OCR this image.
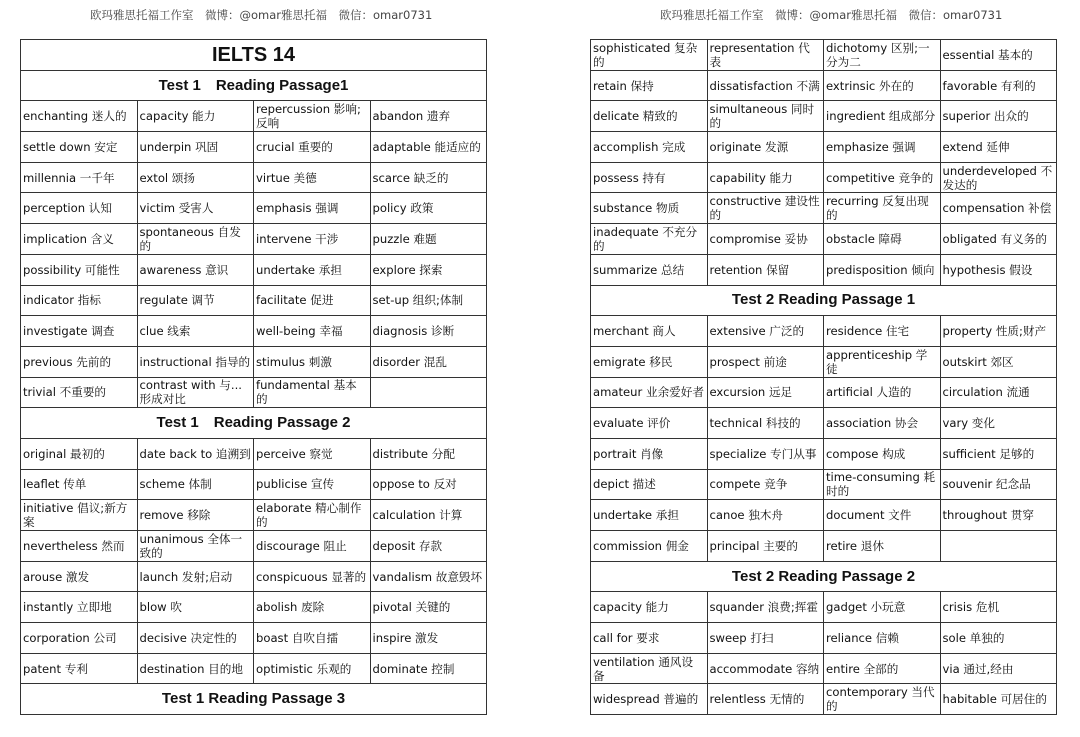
欧玛雅思托福工作室　微博：@omar雅思托福　微信：omar0731	欧玛雅思托福工作室　微博：@omar雅思托福　微信：omar0731
IELTS 14			
Test 1　Reading Passage1			
enchanting 迷人的	capacity 能力	repercussion 影响;反响	abandon 遗弃
settle down 安定	underpin 巩固	crucial 重要的	adaptable 能适应的
millennia 一千年	extol 颂扬	virtue 美德	scarce 缺乏的
perception 认知	victim 受害人	emphasis 强调	policy 政策
implication 含义	spontaneous 自发的	intervene 干涉	puzzle 难题
possibility 可能性	awareness 意识	undertake 承担	explore 探索
indicator 指标	regulate 调节	facilitate 促进	set-up 组织;体制
investigate 调查	clue 线索	well-being 幸福	diagnosis 诊断
previous 先前的	instructional 指导的	stimulus 刺激	disorder 混乱
trivial 不重要的	contrast with 与...形成对比	fundamental 基本的	
Test 1　Reading Passage 2			
original 最初的	date back to 追溯到	perceive 察觉	distribute 分配
leaflet 传单	scheme 体制	publicise 宣传	oppose to 反对
initiative 倡议;新方案	remove 移除	elaborate 精心制作的	calculation 计算
nevertheless 然而	unanimous 全体一致的	discourage 阻止	deposit 存款
arouse 激发	launch 发射;启动	conspicuous 显著的	vandalism 故意毁坏
instantly 立即地	blow 吹	abolish 废除	pivotal 关键的
corporation 公司	decisive 决定性的	boast 自吹自擂	inspire 激发
patent 专利	destination 目的地	optimistic 乐观的	dominate 控制
Test 1 Reading Passage 3			
sophisticated 复杂的	representation 代表	dichotomy 区别;一分为二	essential 基本的
retain 保持	dissatisfaction 不满	extrinsic 外在的	favorable 有利的
delicate 精致的	simultaneous 同时的	ingredient 组成部分	superior 出众的
accomplish 完成	originate 发源	emphasize 强调	extend 延伸
possess 持有	capability 能力	competitive 竞争的	underdeveloped 不发达的
substance 物质	constructive 建设性的	recurring 反复出现的	compensation 补偿
inadequate 不充分的	compromise 妥协	obstacle 障碍	obligated 有义务的
summarize 总结	retention 保留	predisposition 倾向	hypothesis 假设
Test 2 Reading Passage 1			
merchant 商人	extensive 广泛的	residence 住宅	property 性质;财产
emigrate 移民	prospect 前途	apprenticeship 学徒	outskirt 郊区
amateur 业余爱好者	excursion 远足	artificial 人造的	circulation 流通
evaluate 评价	technical 科技的	association 协会	vary 变化
portrait 肖像	specialize 专门从事	compose 构成	sufficient 足够的
depict 描述	compete 竞争	time-consuming 耗时的	souvenir 纪念品
undertake 承担	canoe 独木舟	document 文件	throughout 贯穿
commission 佣金	principal 主要的	retire 退休	
Test 2 Reading Passage 2			
capacity 能力	squander 浪费;挥霍	gadget 小玩意	crisis 危机
call for 要求	sweep 打扫	reliance 信赖	sole 单独的
ventilation 通风设备	accommodate 容纳	entire 全部的	via 通过,经由
widespread 普遍的	relentless 无情的	contemporary 当代的	habitable 可居住的
